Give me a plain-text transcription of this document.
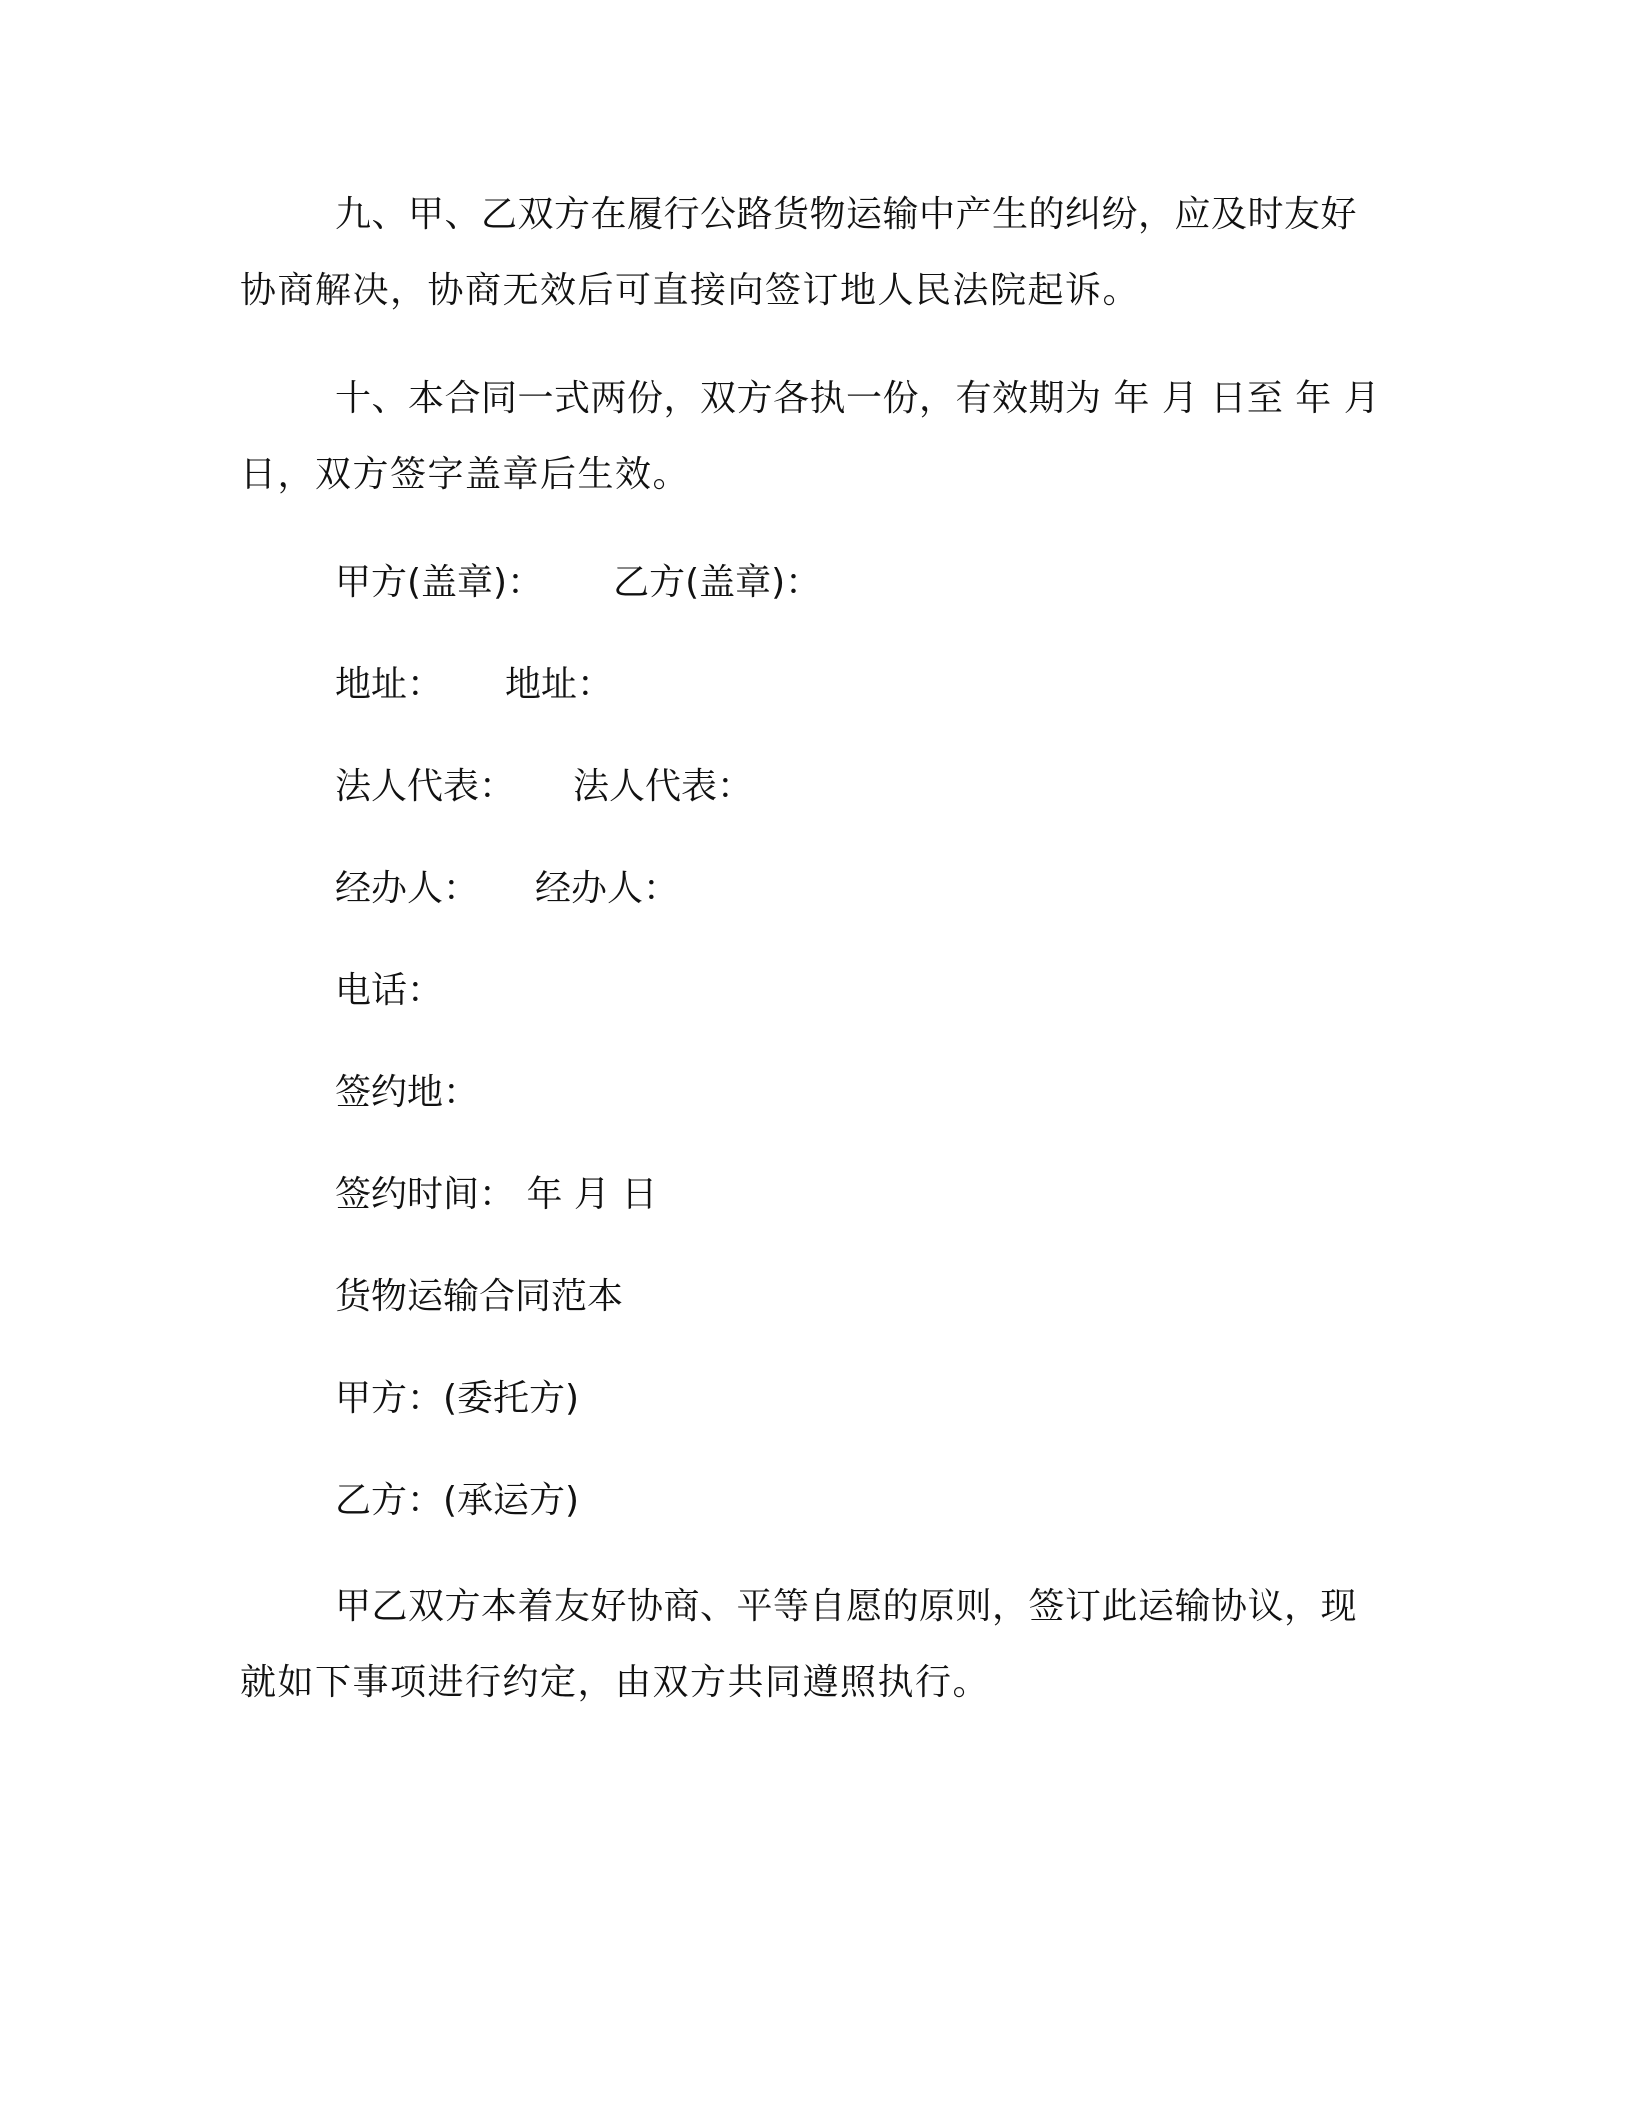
九、甲、乙双方在履行公路货物运输中产生的纠纷，应及时友好
协商解决，协商无效后可直接向签订地人民法院起诉。
十、本合同一式两份，双方各执一份，有效期为 年 月 日至 年 月
日，双方签字盖章后生效。
甲方(盖章)： 乙方(盖章)：
地址： 地址：
法人代表： 法人代表：
经办人： 经办人：
电话：
签约地：
签约时间： 年 月 日
货物运输合同范本
甲方：(委托方)
乙方：(承运方)
甲乙双方本着友好协商、平等自愿的原则，签订此运输协议，现
就如下事项进行约定，由双方共同遵照执行。
